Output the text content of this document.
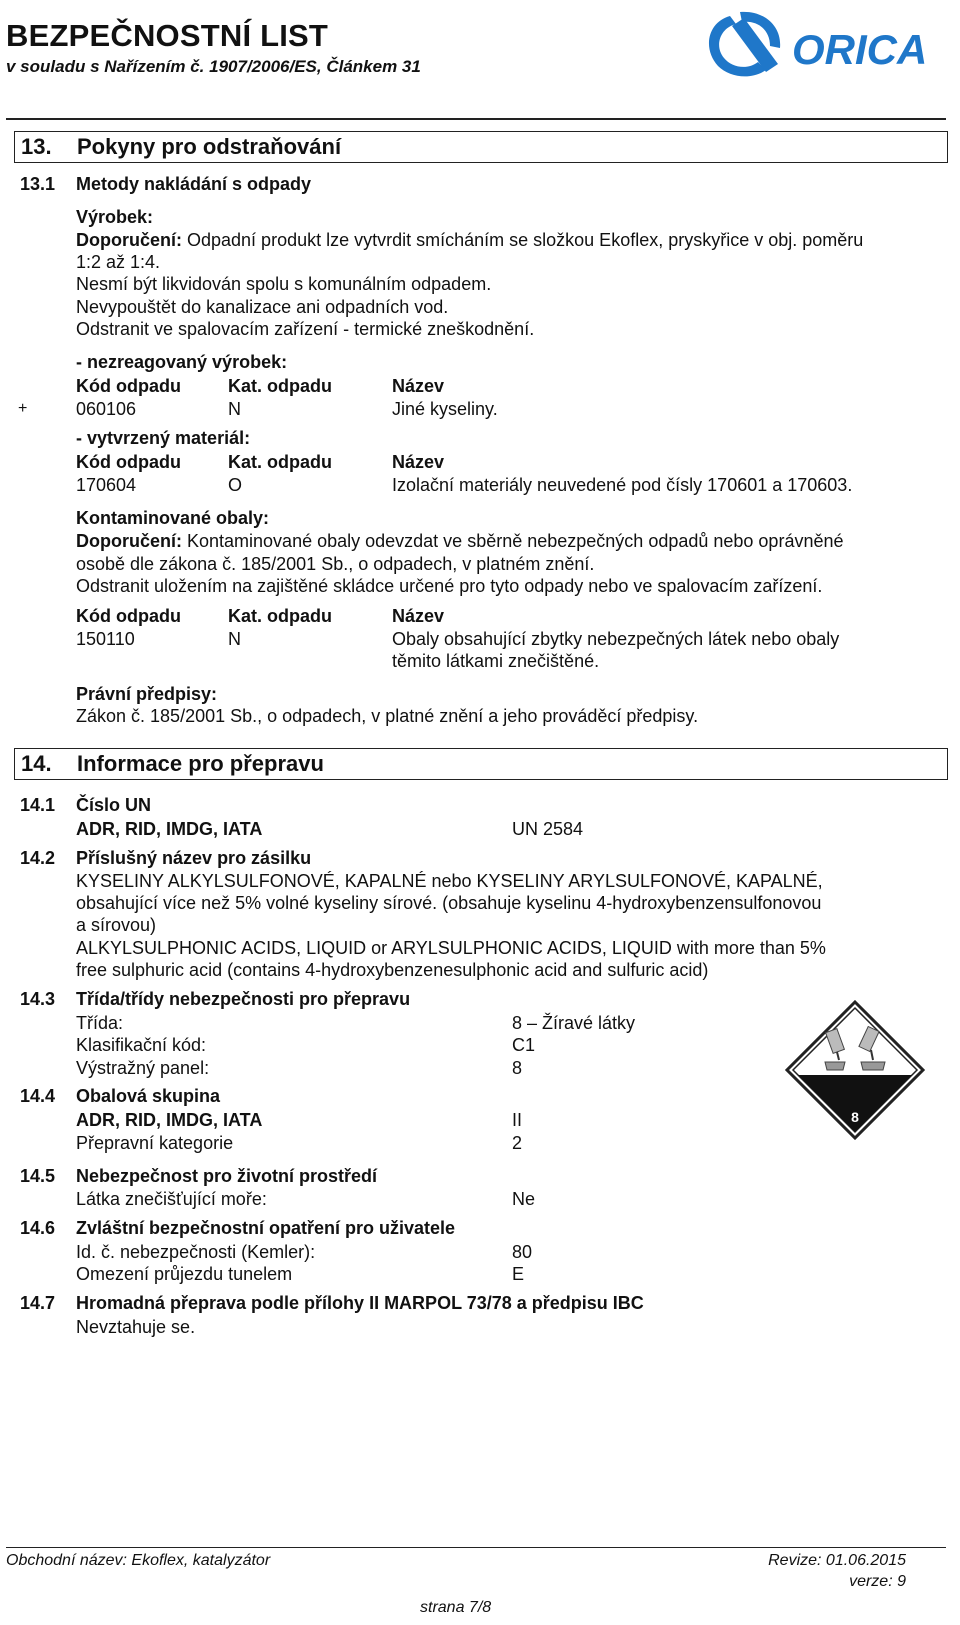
BEZPEČNOSTNÍ LIST
v souladu s Nařízením č. 1907/2006/ES, Článkem 31	ORICA
13. Pokyny pro odstraňování
13.1 Metody nakládání s odpady
Výrobek:
Doporučení: Odpadní produkt lze vytvrdit smícháním se složkou Ekoflex, pryskyřice v obj. poměru
1:2 až 1:4.
Nesmí být likvidován spolu s komunálním odpadem.
Nevypouštět do kanalizace ani odpadních vod.
Odstranit ve spalovacím zařízení - termické zneškodnění.
- nezreagovaný výrobek:
Kód odpadu	Kat. odpadu	Název
+	060106	N	Jiné kyseliny.
- vytvrzený materiál:
Kód odpadu	Kat. odpadu	Název
170604	O	Izolační materiály neuvedené pod čísly 170601 a 170603.
Kontaminované obaly:
Doporučení: Kontaminované obaly odevzdat ve sběrně nebezpečných odpadů nebo oprávněné
osobě dle zákona č. 185/2001 Sb., o odpadech, v platném znění.
Odstranit uložením na zajištěné skládce určené pro tyto odpady nebo ve spalovacím zařízení.
Kód odpadu	Kat. odpadu	Název
150110	N	Obaly obsahující zbytky nebezpečných látek nebo obaly
těmito látkami znečištěné.
Právní předpisy:
Zákon č. 185/2001 Sb., o odpadech, v platné znění a jeho prováděcí předpisy.
14. Informace pro přepravu
14.1 Číslo UN
ADR, RID, IMDG, IATA	UN 2584
14.2 Příslušný název pro zásilku
KYSELINY ALKYLSULFONOVÉ, KAPALNÉ nebo KYSELINY ARYLSULFONOVÉ, KAPALNÉ,
obsahující více než 5% volné kyseliny sírové. (obsahuje kyselinu 4-hydroxybenzensulfonovou
a sírovou)
ALKYLSULPHONIC ACIDS, LIQUID or ARYLSULPHONIC ACIDS, LIQUID with more than 5%
free sulphuric acid (contains 4-hydroxybenzenesulphonic acid and sulfuric acid)
14.3 Třída/třídy nebezpečnosti pro přepravu
Třída:	8 – Žíravé látky
Klasifikační kód:	C1
Výstražný panel:	8
8
14.4 Obalová skupina
ADR, RID, IMDG, IATA	II
Přepravní kategorie	2
14.5 Nebezpečnost pro životní prostředí
Látka znečišťující moře:	Ne
14.6 Zvláštní bezpečnostní opatření pro uživatele
Id. č. nebezpečnosti (Kemler):	80
Omezení průjezdu tunelem	E
14.7 Hromadná přeprava podle přílohy II MARPOL 73/78 a předpisu IBC
Nevztahuje se.
Obchodní název: Ekoflex, katalyzátor	Revize: 01.06.2015
verze: 9
strana 7/8
